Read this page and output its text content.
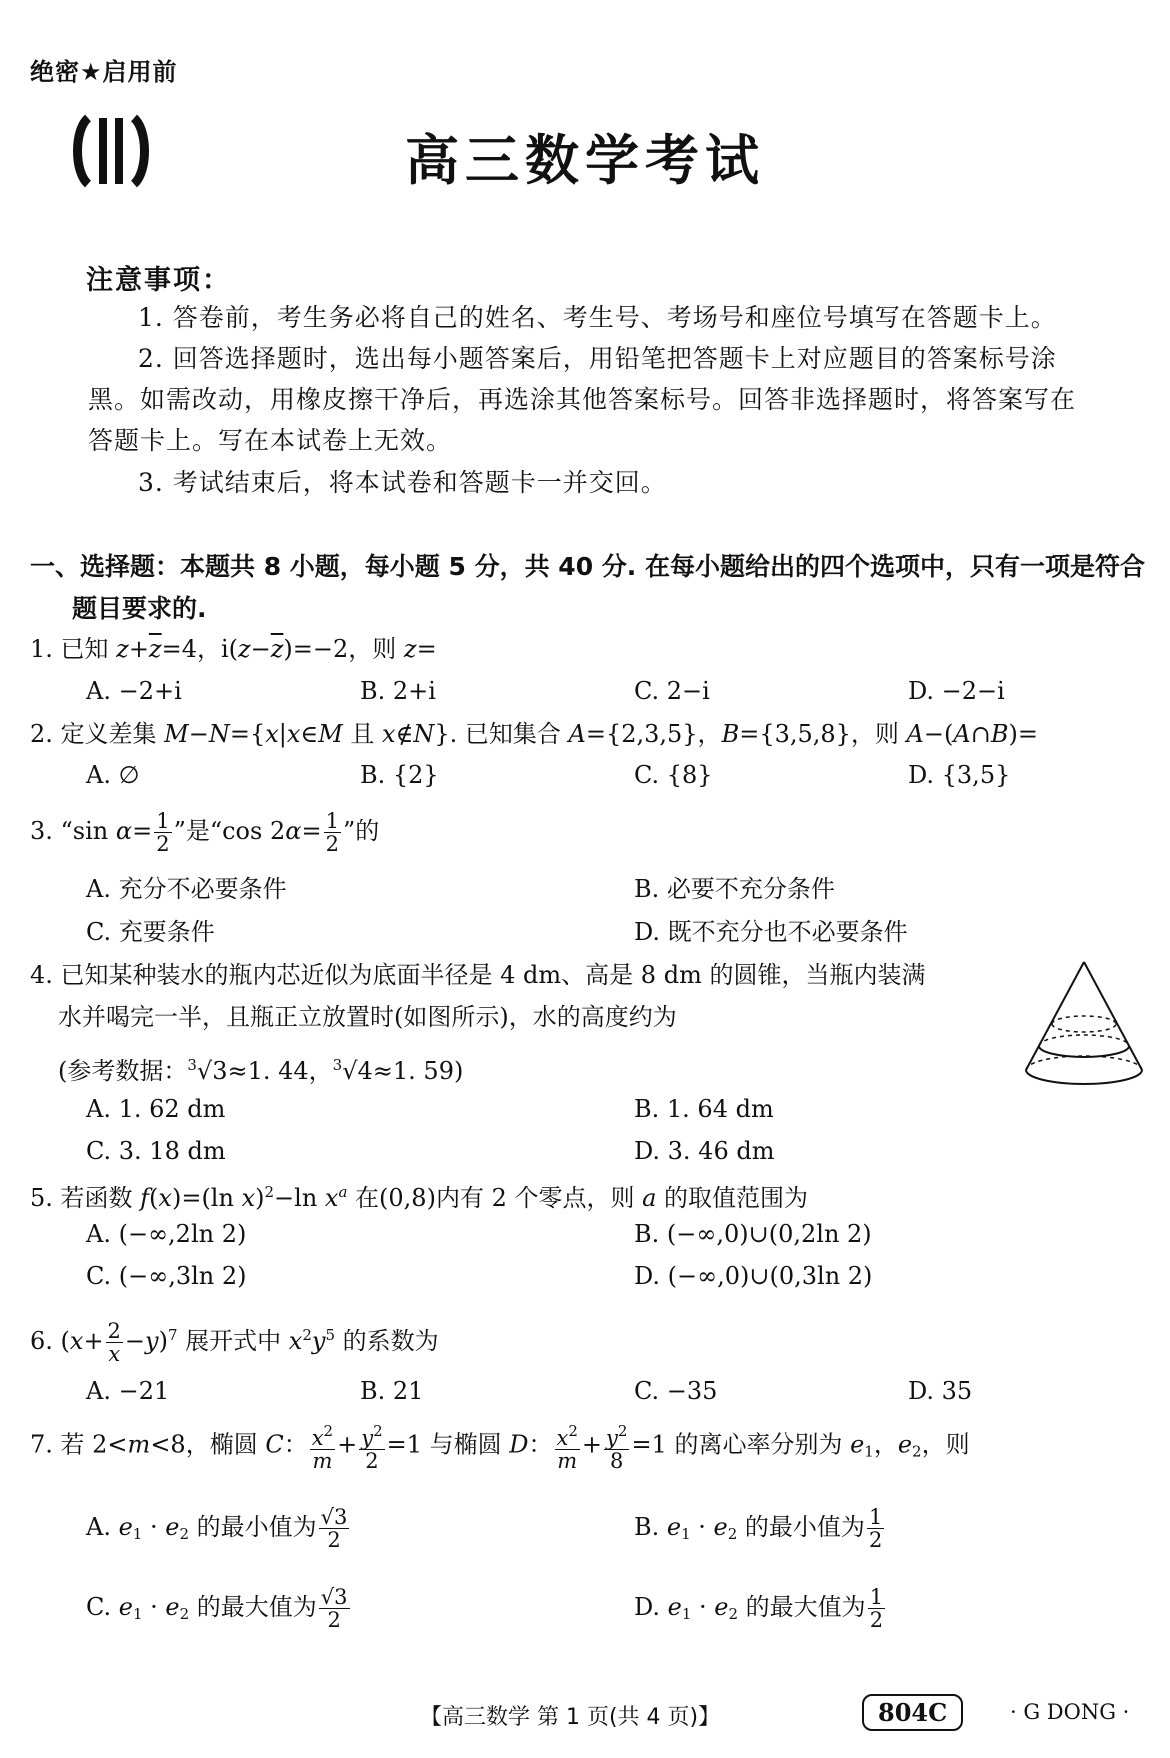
绝密★启用前
高三数学考试
注意事项：
1. 答卷前，考生务必将自己的姓名、考生号、考场号和座位号填写在答题卡上。
2. 回答选择题时，选出每小题答案后，用铅笔把答题卡上对应题目的答案标号涂
黑。如需改动，用橡皮擦干净后，再选涂其他答案标号。回答非选择题时，将答案写在
答题卡上。写在本试卷上无效。
3. 考试结束后，将本试卷和答题卡一并交回。
一、选择题：本题共 8 小题，每小题 5 分，共 40 分. 在每小题给出的四个选项中，只有一项是符合
题目要求的.
1. 已知 $z+\overline{z}=4$，$i(z-\overline{z})=-2$，则 z=
A. −2+i	B. 2+i	C. 2−i	D. −2−i
2. 定义差集 M−N={x|x∈M 且 x∉N}. 已知集合 A={2,3,5}，B={3,5,8}，则 A−(A∩B)=
A. ∅	B. {2}	C. {8}	D. {3,5}
3. “sin $\alpha= \frac{1}{2}$ ”是“cos $2\alpha= \frac{1}{2}$ ”的
A. 充分不必要条件	B. 必要不充分条件
C. 充要条件	D. 既不充分也不必要条件
4. 已知某种装水的瓶内芯近似为底面半径是 4 dm、高是 8 dm 的圆锥，当瓶内装满
水并喝完一半，且瓶正立放置时(如图所示)，水的高度约为
(参考数据：$^3$√3≈1. 44，$^3$√4≈1. 59)
A. 1. 62 dm	B. 1. 64 dm
C. 3. 18 dm	D. 3. 46 dm
5. 若函数 f(x)=(ln x)$^2$−ln $x^a$ 在(0,8)内有 2 个零点，则 a 的取值范围为
A. (−∞,2ln 2)	B. (−∞,0)∪(0,2ln 2)
C. (−∞,3ln 2)	D. (−∞,0)∪(0,3ln 2)
6. $(x+ \frac{2}{x} -y)^7$ 展开式中 $x^2y^5$ 的系数为
A. −21	B. 21	C. −35	D. 35
7. 若 2<m<8，椭圆 C： $\frac{x^2}{m} + \frac{y^2}{2} =1$ 与椭圆 D： $\frac{x^2}{m} + \frac{y^2}{8} =1$ 的离心率分别为 $e_1$，$e_2$，则
A. $e_1 \cdot e_2$ 的最小值为 $\frac{√3}{2}$	B. $e_1 \cdot e_2$ 的最小值为 $\frac{1}{2}$
C. $e_1 \cdot e_2$ 的最大值为 $\frac{√3}{2}$	D. $e_1 \cdot e_2$ 的最大值为 $\frac{1}{2}$
【高三数学 第 1 页(共 4 页)】	804C	· G DONG ·
